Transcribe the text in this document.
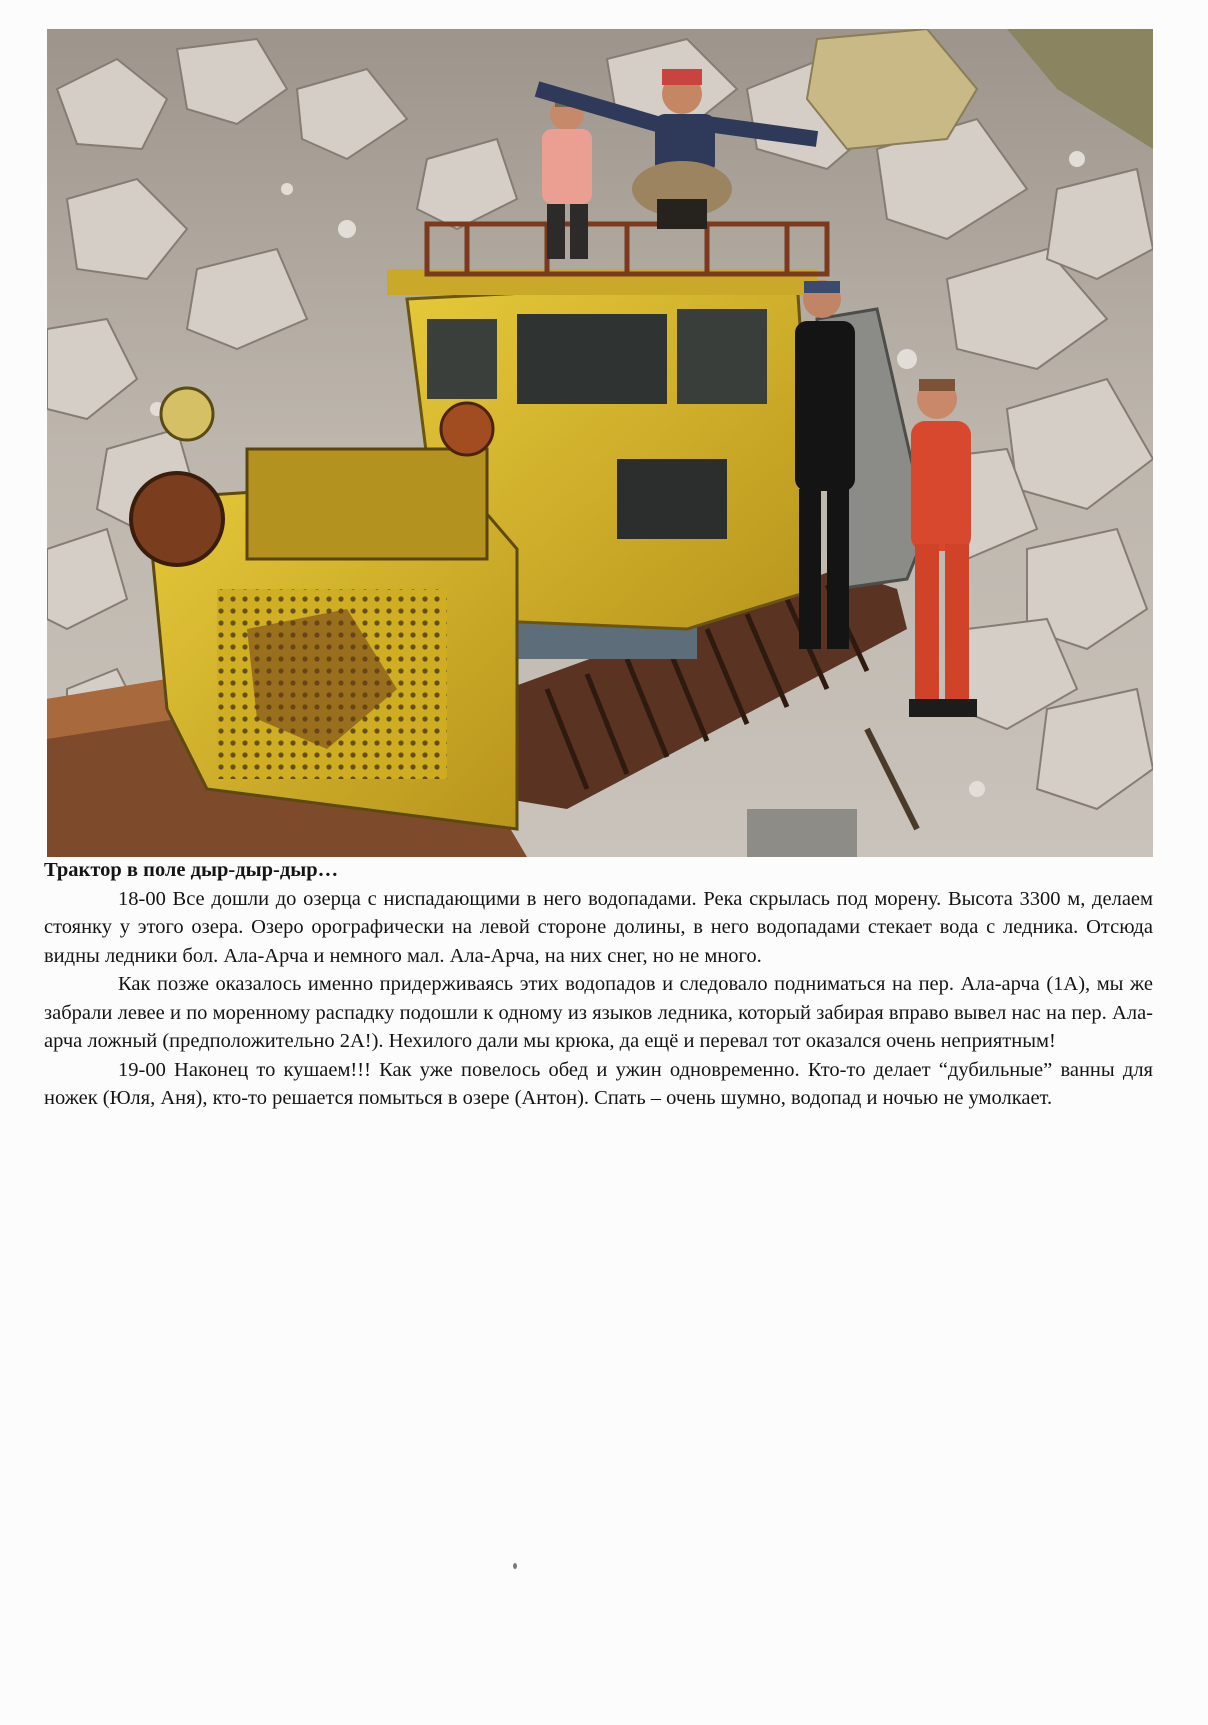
Трактор в поле дыр-дыр-дыр…

18-00 Все дошли до озерца с ниспадающими в него водопадами. Река скрылась под морену. Высота 3300 м, делаем стоянку у этого озера. Озеро орографически на левой стороне долины, в него водопадами стекает вода с ледника. Отсюда видны ледники бол. Ала-Арча и немного мал. Ала-Арча, на них снег, но не много.

Как позже оказалось именно придерживаясь этих водопадов и следовало подниматься на пер. Ала-арча (1А), мы же забрали левее и по моренному распадку подошли к одному из языков ледника, который забирая вправо вывел нас на пер. Ала-арча ложный (предположительно 2А!). Нехилого дали мы крюка, да ещё и перевал тот оказался очень неприятным!

19-00 Наконец то кушаем!!! Как уже повелось обед и ужин одновременно. Кто-то делает “дубильные” ванны для ножек (Юля, Аня), кто-то решается помыться в озере (Антон). Спать – очень шумно, водопад и ночью не умолкает.
